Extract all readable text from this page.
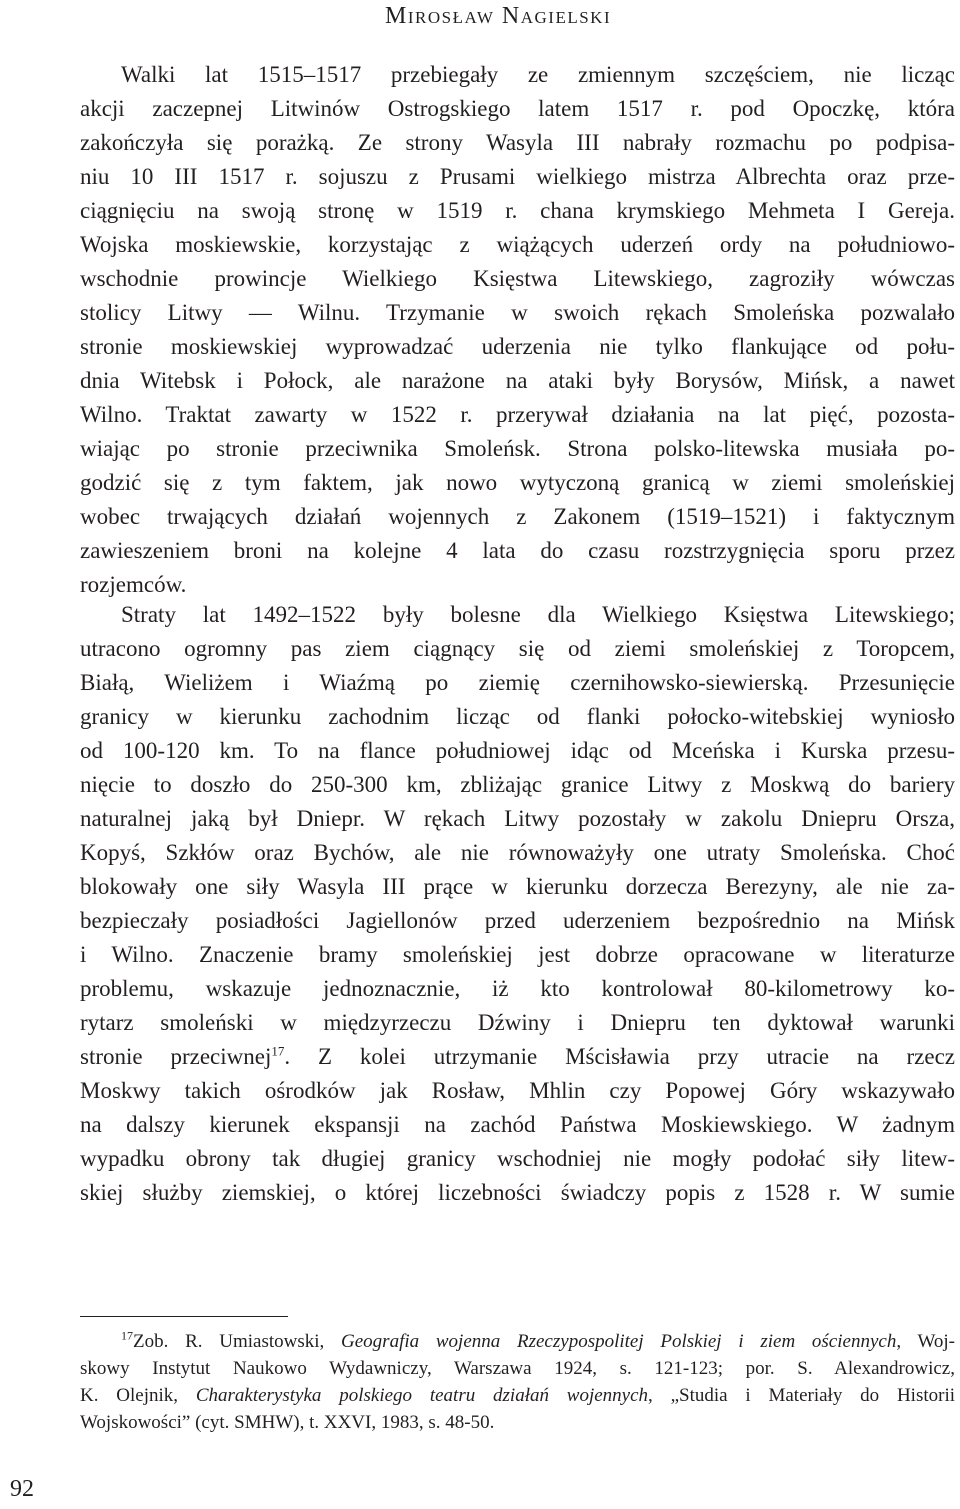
Mirosław Nagielski
Walki lat 1515–1517 przebiegały ze zmiennym szczęściem, nie licząc
akcji zaczepnej Litwinów Ostrogskiego latem 1517 r. pod Opoczkę, która
zakończyła się porażką. Ze strony Wasyla III nabrały rozmachu po podpisa-
niu 10 III 1517 r. sojuszu z Prusami wielkiego mistrza Albrechta oraz prze-
ciągnięciu na swoją stronę w 1519 r. chana krymskiego Mehmeta I Gereja.
Wojska moskiewskie, korzystając z wiążących uderzeń ordy na południowo-
wschodnie prowincje Wielkiego Księstwa Litewskiego, zagroziły wówczas
stolicy Litwy — Wilnu. Trzymanie w swoich rękach Smoleńska pozwalało
stronie moskiewskiej wyprowadzać uderzenia nie tylko flankujące od połu-
dnia Witebsk i Połock, ale narażone na ataki były Borysów, Mińsk, a nawet
Wilno. Traktat zawarty w 1522 r. przerywał działania na lat pięć, pozosta-
wiając po stronie przeciwnika Smoleńsk. Strona polsko-litewska musiała po-
godzić się z tym faktem, jak nowo wytyczoną granicą w ziemi smoleńskiej
wobec trwających działań wojennych z Zakonem (1519–1521) i faktycznym
zawieszeniem broni na kolejne 4 lata do czasu rozstrzygnięcia sporu przez
rozjemców.
Straty lat 1492–1522 były bolesne dla Wielkiego Księstwa Litewskiego;
utracono ogromny pas ziem ciągnący się od ziemi smoleńskiej z Toropcem,
Białą, Wieliżem i Wiaźmą po ziemię czernihowsko-siewierską. Przesunięcie
granicy w kierunku zachodnim licząc od flanki połocko-witebskiej wyniosło
od 100-120 km. To na flance południowej idąc od Mceńska i Kurska przesu-
nięcie to doszło do 250-300 km, zbliżając granice Litwy z Moskwą do bariery
naturalnej jaką był Dniepr. W rękach Litwy pozostały w zakolu Dniepru Orsza,
Kopyś, Szkłów oraz Bychów, ale nie równoważyły one utraty Smoleńska. Choć
blokowały one siły Wasyla III prące w kierunku dorzecza Berezyny, ale nie za-
bezpieczały posiadłości Jagiellonów przed uderzeniem bezpośrednio na Mińsk
i Wilno. Znaczenie bramy smoleńskiej jest dobrze opracowane w literaturze
problemu, wskazuje jednoznacznie, iż kto kontrolował 80-kilometrowy ko-
rytarz smoleński w międzyrzeczu Dźwiny i Dniepru ten dyktował warunki
stronie przeciwnej$^{17}$. Z kolei utrzymanie Mścisławia przy utracie na rzecz
Moskwy takich ośrodków jak Rosław, Mhlin czy Popowej Góry wskazywało
na dalszy kierunek ekspansji na zachód Państwa Moskiewskiego. W żadnym
wypadku obrony tak długiej granicy wschodniej nie mogły podołać siły litew-
skiej służby ziemskiej, o której liczebności świadczy popis z 1528 r. W sumie
$^{17}$Zob. R. Umiastowski, Geografia wojenna Rzeczypospolitej Polskiej i ziem ościennych, Woj-
skowy Instytut Naukowo Wydawniczy, Warszawa 1924, s. 121-123; por. S. Alexandrowicz,
K. Olejnik, Charakterystyka polskiego teatru działań wojennych, „Studia i Materiały do Historii
Wojskowości” (cyt. SMHW), t. XXVI, 1983, s. 48-50.
92
